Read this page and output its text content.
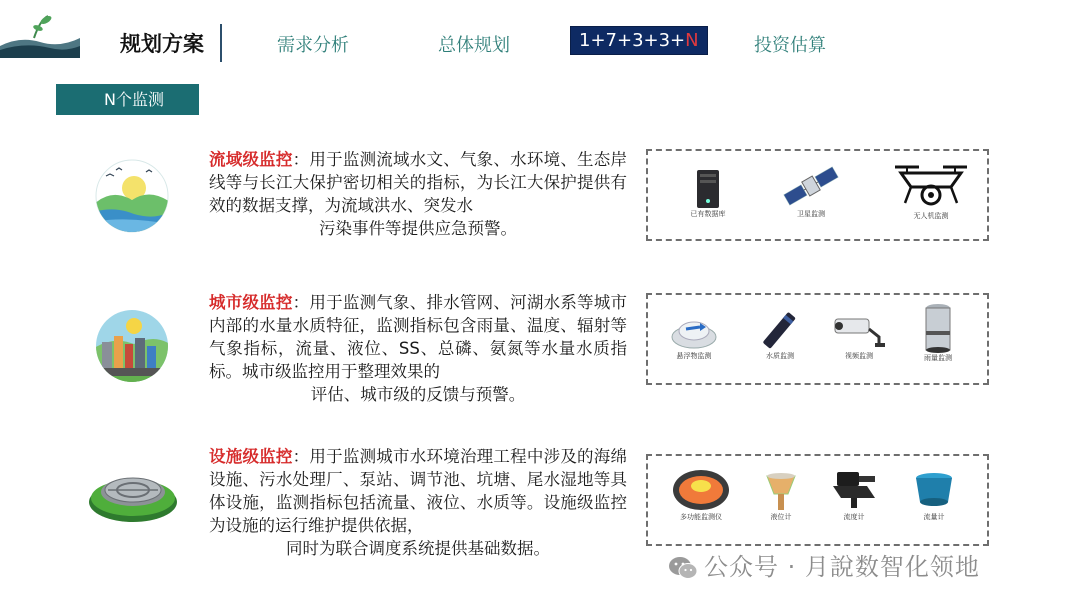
规划方案	需求分析	总体规划	1+7+3+3+N	投资估算
N个监测
流域级监控：用于监测流域水文、气象、水环境、生态岸线等与长江大保护密切相关的指标，为长江大保护提供有效的数据支撑，为流域洪水、突发水
污染事件等提供应急预警。
已有数据库	卫星监测	无人机监测
城市级监控：用于监测气象、排水管网、河湖水系等城市内部的水量水质特征，监测指标包含雨量、温度、辐射等气象指标，流量、液位、SS、总磷、氨氮等水量水质指标。城市级监控用于整理效果的
评估、城市级的反馈与预警。
悬浮物监测	水质监测	视频监测	雨量监测
设施级监控：用于监测城市水环境治理工程中涉及的海绵设施、污水处理厂、泵站、调节池、坑塘、尾水湿地等具体设施，监测指标包括流量、液位、水质等。设施级监控为设施的运行维护提供依据，
同时为联合调度系统提供基础数据。
多功能监测仪	液位计	流度计	流量计
公众号 · 月說数智化领地
